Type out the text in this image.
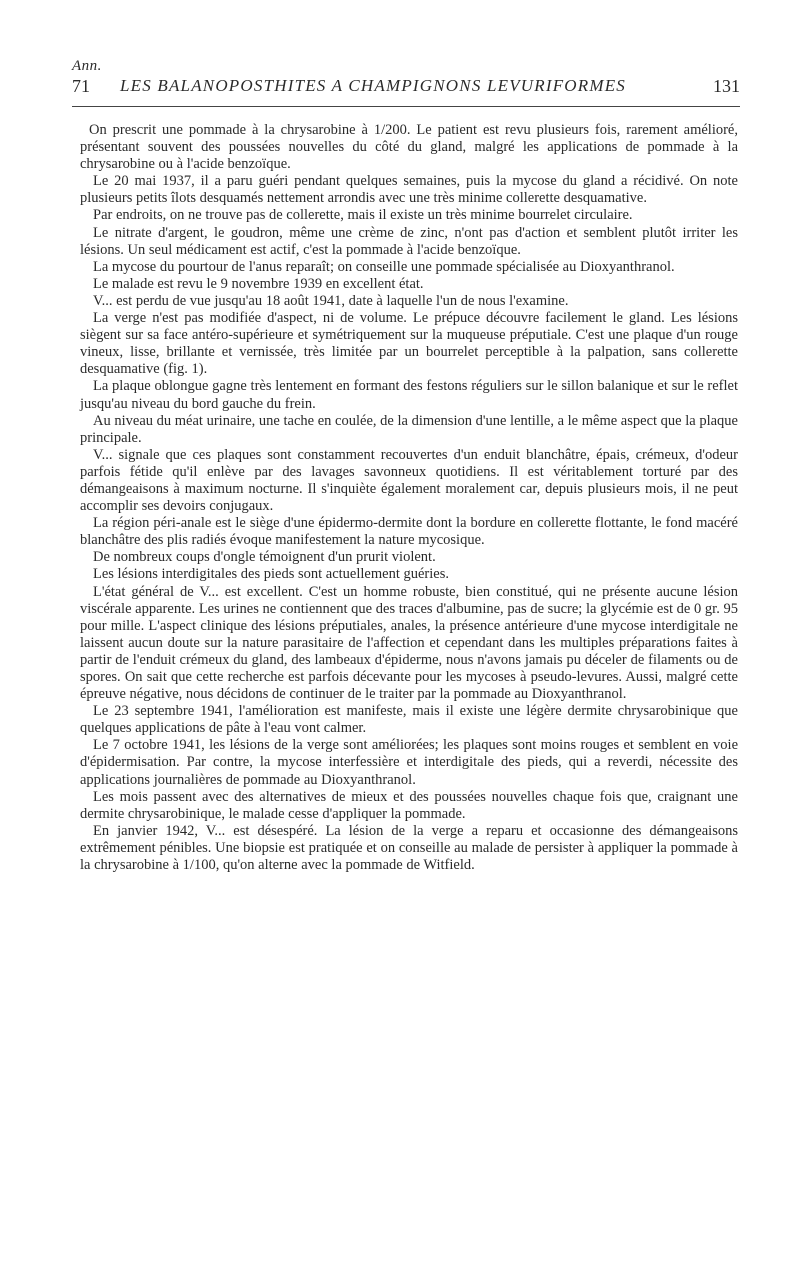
Ann.
71 LES BALANOPOSTHITES A CHAMPIGNONS LEVURIFORMES	131

On prescrit une pommade à la chrysarobine à 1/200. Le patient est revu plusieurs fois, rarement amélioré, présentant souvent des poussées nouvelles du côté du gland, malgré les applications de pommade à la chrysarobine ou à l'acide benzoïque.

Le 20 mai 1937, il a paru guéri pendant quelques semaines, puis la mycose du gland a récidivé. On note plusieurs petits îlots desquamés nettement arrondis avec une très minime collerette desquamative.

Par endroits, on ne trouve pas de collerette, mais il existe un très minime bourrelet circulaire.

Le nitrate d'argent, le goudron, même une crème de zinc, n'ont pas d'action et semblent plutôt irriter les lésions. Un seul médicament est actif, c'est la pommade à l'acide benzoïque.

La mycose du pourtour de l'anus reparaît; on conseille une pommade spécialisée au Dioxyanthranol.

Le malade est revu le 9 novembre 1939 en excellent état.

V... est perdu de vue jusqu'au 18 août 1941, date à laquelle l'un de nous l'examine.

La verge n'est pas modifiée d'aspect, ni de volume. Le prépuce découvre facilement le gland. Les lésions siègent sur sa face antéro-supérieure et symétriquement sur la muqueuse préputiale. C'est une plaque d'un rouge vineux, lisse, brillante et vernissée, très limitée par un bourrelet perceptible à la palpation, sans collerette desquamative (fig. 1).

La plaque oblongue gagne très lentement en formant des festons réguliers sur le sillon balanique et sur le reflet jusqu'au niveau du bord gauche du frein.

Au niveau du méat urinaire, une tache en coulée, de la dimension d'une lentille, a le même aspect que la plaque principale.

V... signale que ces plaques sont constamment recouvertes d'un enduit blanchâtre, épais, crémeux, d'odeur parfois fétide qu'il enlève par des lavages savonneux quotidiens. Il est véritablement torturé par des démangeaisons à maximum nocturne. Il s'inquiète également moralement car, depuis plusieurs mois, il ne peut accomplir ses devoirs conjugaux.

La région péri-anale est le siège d'une épidermo-dermite dont la bordure en collerette flottante, le fond macéré blanchâtre des plis radiés évoque manifestement la nature mycosique.

De nombreux coups d'ongle témoignent d'un prurit violent.

Les lésions interdigitales des pieds sont actuellement guéries.

L'état général de V... est excellent. C'est un homme robuste, bien constitué, qui ne présente aucune lésion viscérale apparente. Les urines ne contiennent que des traces d'albumine, pas de sucre; la glycémie est de 0 gr. 95 pour mille. L'aspect clinique des lésions préputiales, anales, la présence antérieure d'une mycose interdigitale ne laissent aucun doute sur la nature parasitaire de l'affection et cependant dans les multiples préparations faites à partir de l'enduit crémeux du gland, des lambeaux d'épiderme, nous n'avons jamais pu déceler de filaments ou de spores. On sait que cette recherche est parfois décevante pour les mycoses à pseudo-levures. Aussi, malgré cette épreuve négative, nous décidons de continuer de le traiter par la pommade au Dioxyanthranol.

Le 23 septembre 1941, l'amélioration est manifeste, mais il existe une légère dermite chrysarobinique que quelques applications de pâte à l'eau vont calmer.

Le 7 octobre 1941, les lésions de la verge sont améliorées; les plaques sont moins rouges et semblent en voie d'épidermisation. Par contre, la mycose interfessière et interdigitale des pieds, qui a reverdi, nécessite des applications journalières de pommade au Dioxyanthranol.

Les mois passent avec des alternatives de mieux et des poussées nouvelles chaque fois que, craignant une dermite chrysarobinique, le malade cesse d'appliquer la pommade.

En janvier 1942, V... est désespéré. La lésion de la verge a reparu et occasionne des démangeaisons extrêmement pénibles. Une biopsie est pratiquée et on conseille au malade de persister à appliquer la pommade à la chrysarobine à 1/100, qu'on alterne avec la pommade de Witfield.
